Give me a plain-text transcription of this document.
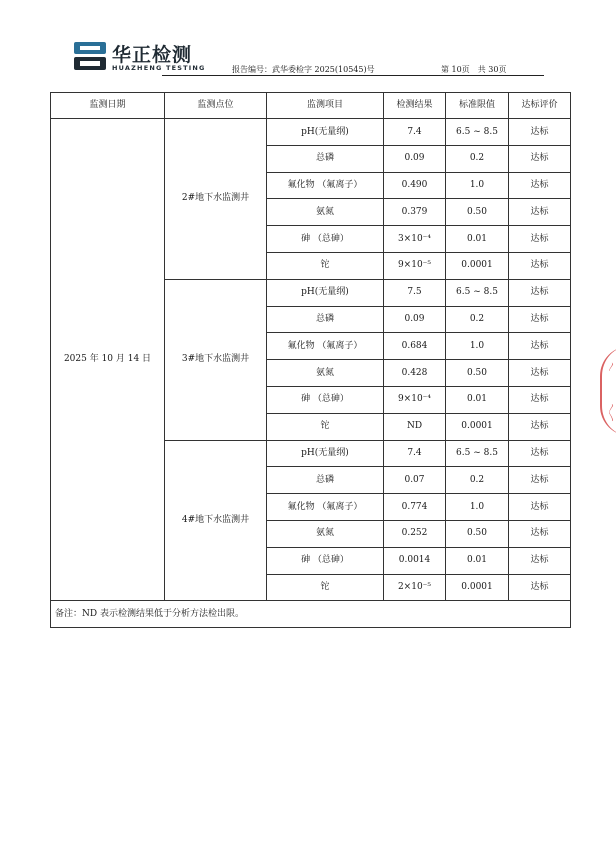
华正检测
HUAZHENG TESTING	报告编号：武华委检字 2025(10545)号	第 10页　共 30页
监测日期	监测点位	监测项目	检测结果	标准限值	达标评价
2025 年 10 月 14 日	2#地下水监测井	pH(无量纲)	7.4	6.5 ~ 8.5	达标
		总磷	0.09	0.2	达标
		氟化物 （氟离子）	0.490	1.0	达标
		氨氮	0.379	0.50	达标
		砷 （总砷）	3×10⁻⁴	0.01	达标
		铊	9×10⁻⁵	0.0001	达标
	3#地下水监测井	pH(无量纲)	7.5	6.5 ~ 8.5	达标
		总磷	0.09	0.2	达标
		氟化物 （氟离子）	0.684	1.0	达标
		氨氮	0.428	0.50	达标
		砷 （总砷）	9×10⁻⁴	0.01	达标
		铊	ND	0.0001	达标
	4#地下水监测井	pH(无量纲)	7.4	6.5 ~ 8.5	达标
		总磷	0.07	0.2	达标
		氟化物 （氟离子）	0.774	1.0	达标
		氨氮	0.252	0.50	达标
		砷 （总砷）	0.0014	0.01	达标
		铊	2×10⁻⁵	0.0001	达标
备注：ND 表示检测结果低于分析方法检出限。					
〳
〱
